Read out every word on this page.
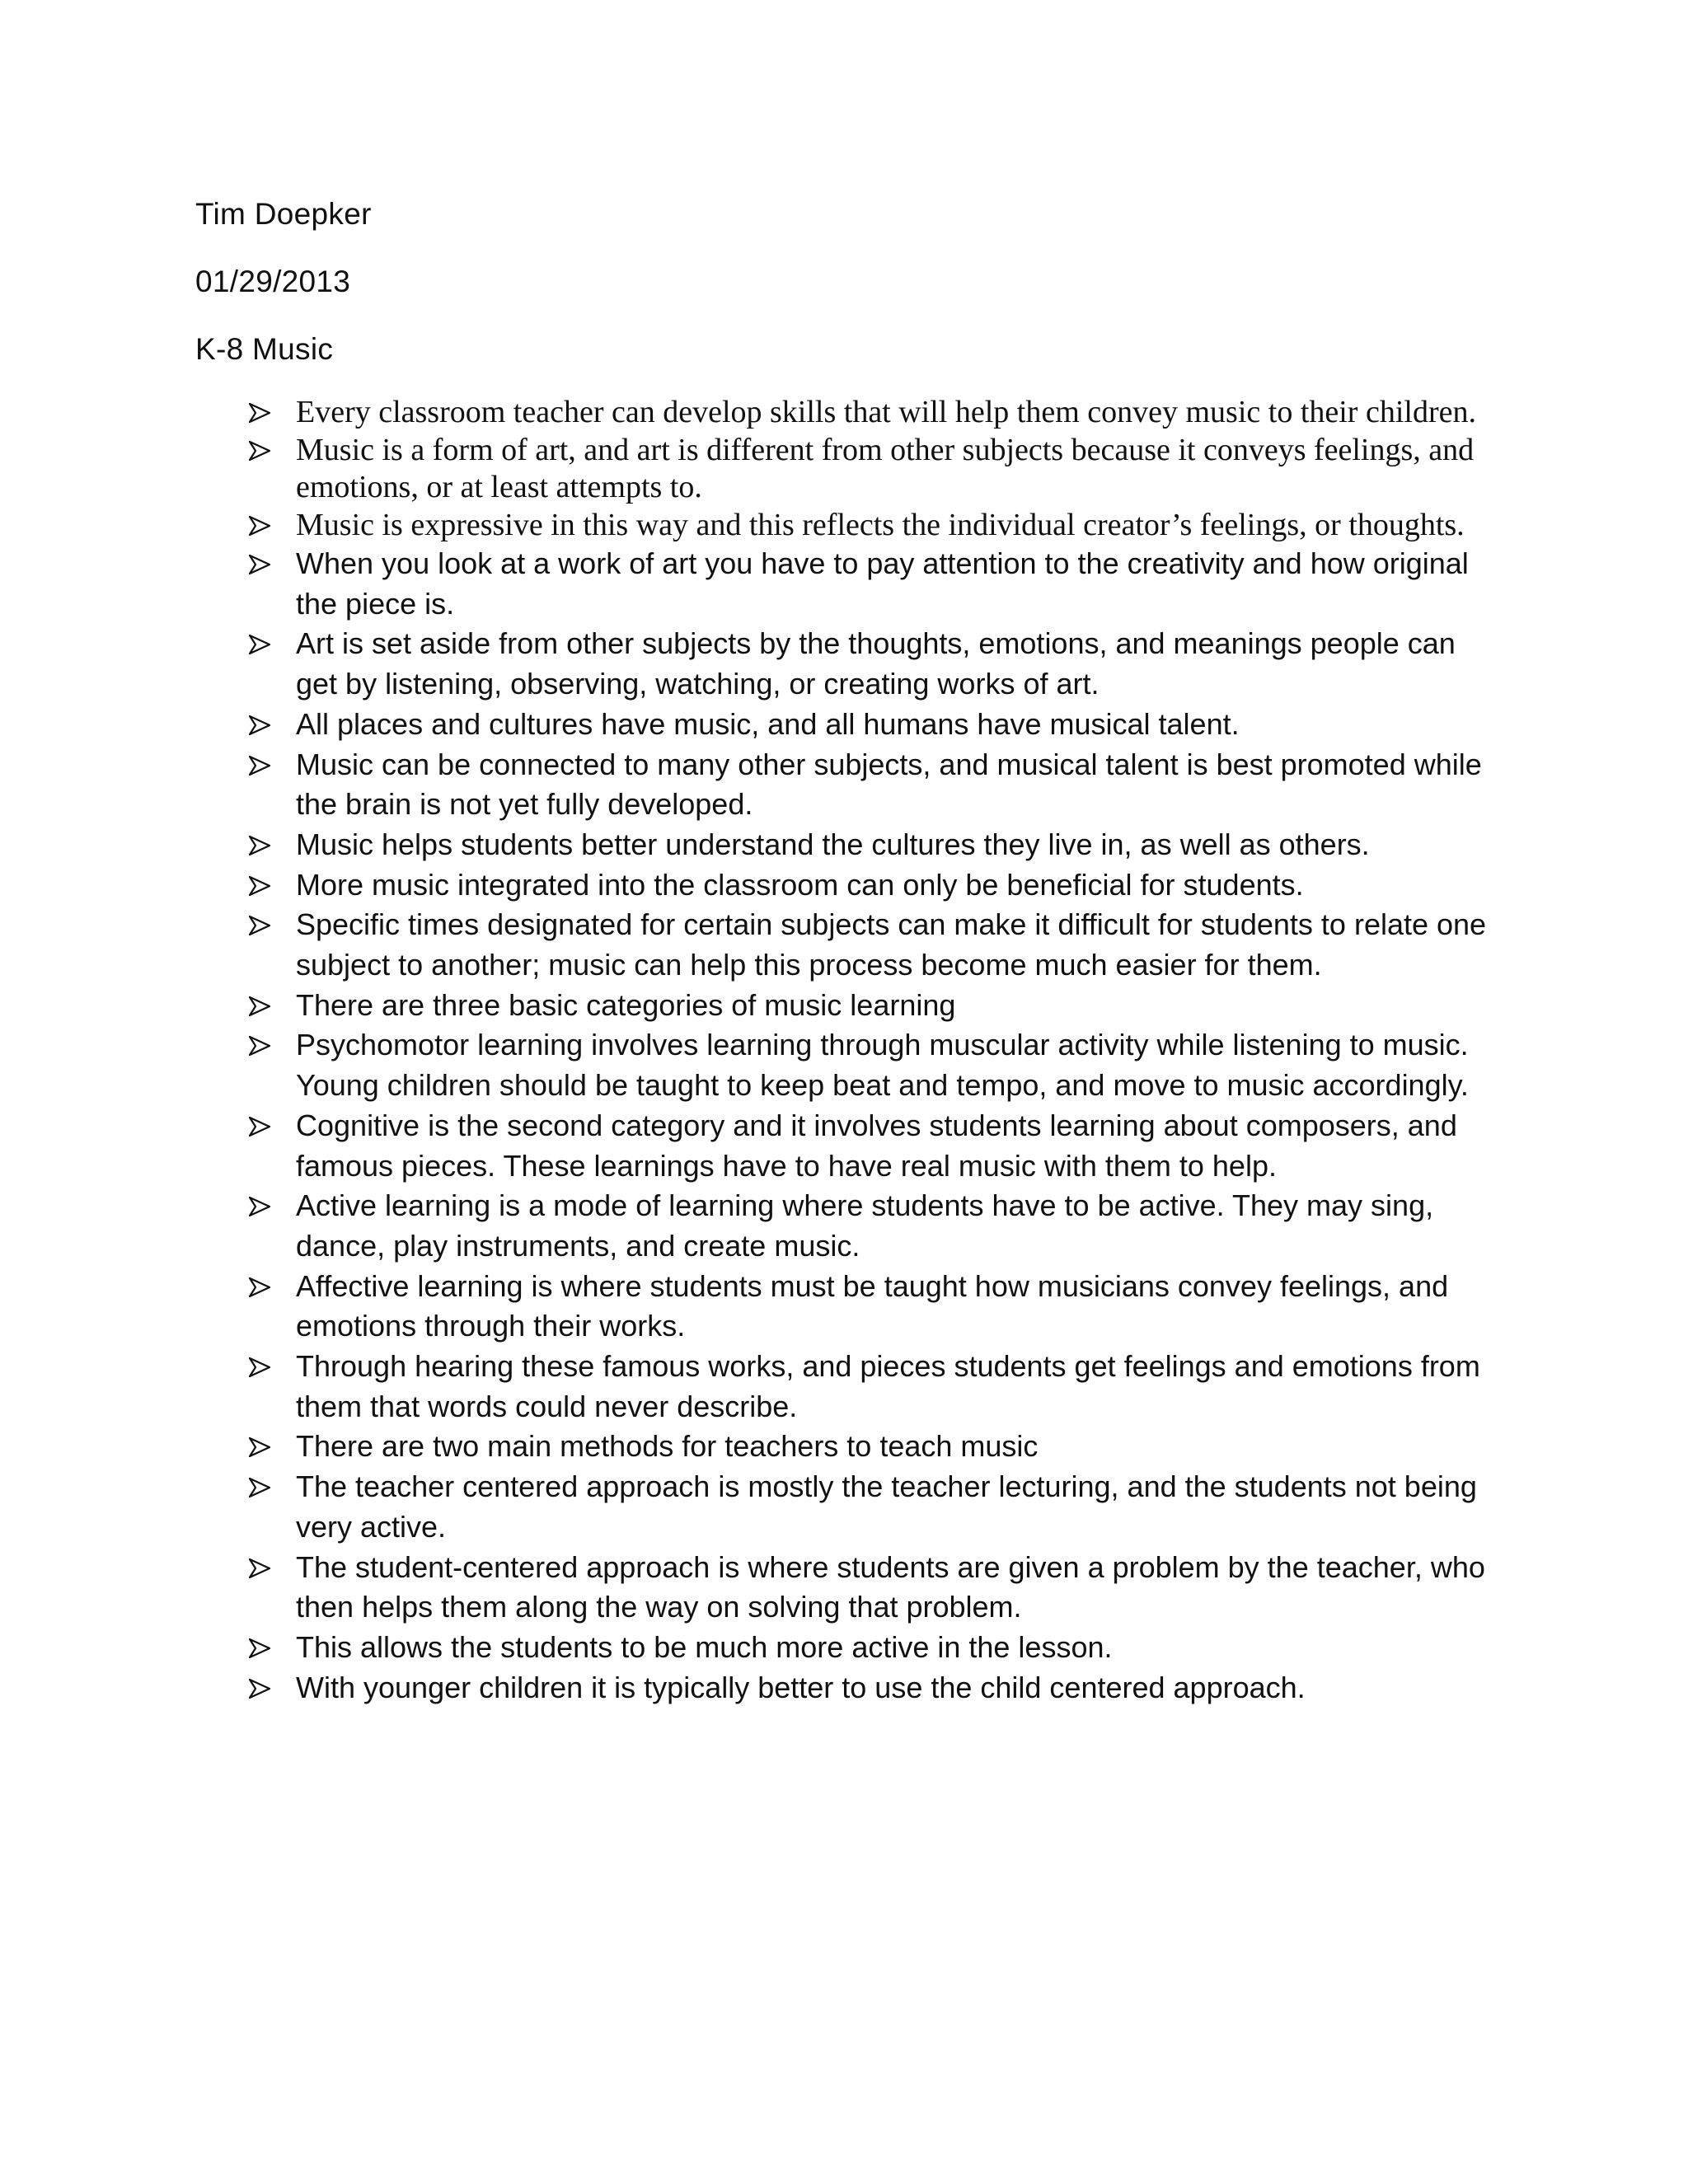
Tim Doepker

01/29/2013

K-8 Music

Every classroom teacher can develop skills that will help them convey music to their children.
Music is a form of art, and art is different from other subjects because it conveys feelings, and emotions, or at least attempts to.
Music is expressive in this way and this reflects the individual creator’s feelings, or thoughts.
When you look at a work of art you have to pay attention to the creativity and how original the piece is.
Art is set aside from other subjects by the thoughts, emotions, and meanings people can get by listening, observing, watching, or creating works of art.
All places and cultures have music, and all humans have musical talent.
Music can be connected to many other subjects, and musical talent is best promoted while the brain is not yet fully developed.
Music helps students better understand the cultures they live in, as well as others.
More music integrated into the classroom can only be beneficial for students.
Specific times designated for certain subjects can make it difficult for students to relate one subject to another; music can help this process become much easier for them.
There are three basic categories of music learning
Psychomotor learning involves learning through muscular activity while listening to music. Young children should be taught to keep beat and tempo, and move to music accordingly.
Cognitive is the second category and it involves students learning about composers, and famous pieces. These learnings have to have real music with them to help.
Active learning is a mode of learning where students have to be active. They may sing, dance, play instruments, and create music.
Affective learning is where students must be taught how musicians convey feelings, and emotions through their works.
Through hearing these famous works, and pieces students get feelings and emotions from them that words could never describe.
There are two main methods for teachers to teach music
The teacher centered approach is mostly the teacher lecturing, and the students not being very active.
The student-centered approach is where students are given a problem by the teacher, who then helps them along the way on solving that problem.
This allows the students to be much more active in the lesson.
With younger children it is typically better to use the child centered approach.
